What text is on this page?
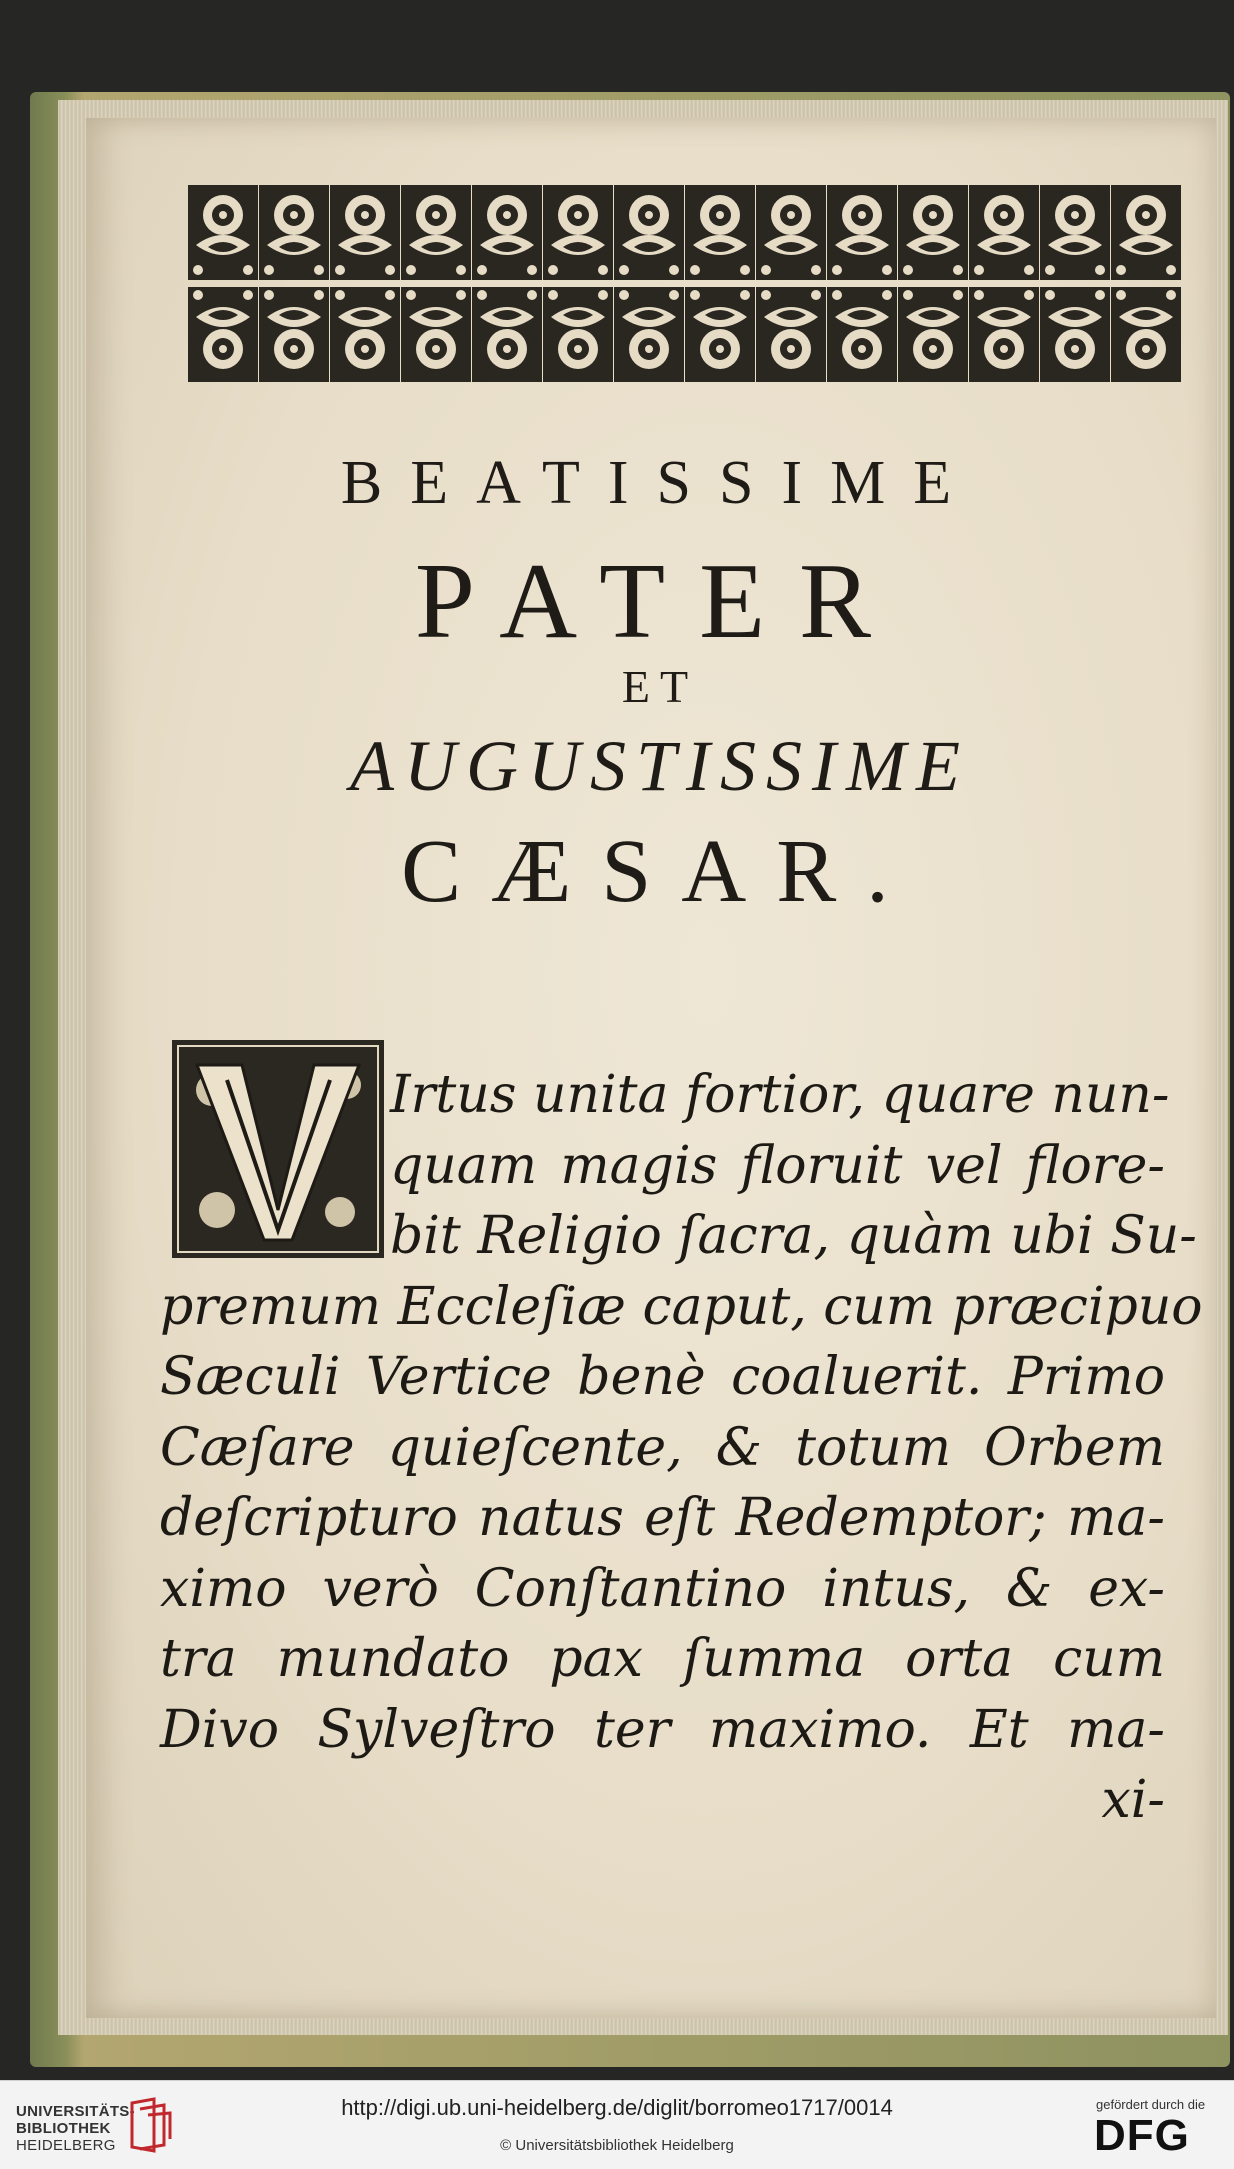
BEATISSIME
PATER
ET
AUGUSTISSIME
CÆSAR.
Irtus unita fortior, quare nun-
quam magis floruit vel flore-
bit Religio ſacra, quàm ubi Su-
premum Eccleſiæ caput, cum præcipuo
Sæculi Vertice benè coaluerit. Primo
Cæſare quieſcente, & totum Orbem
deſcripturo natus eſt Redemptor; ma-
ximo verò Conſtantino intus, & ex-
tra mundato pax ſumma orta cum
Divo Sylveſtro ter maximo. Et ma-
xi-
UNIVERSITÄTS-
BIBLIOTHEK
HEIDELBERG
http://digi.ub.uni-heidelberg.de/diglit/borromeo1717/0014
© Universitätsbibliothek Heidelberg
gefördert durch die
DFG
